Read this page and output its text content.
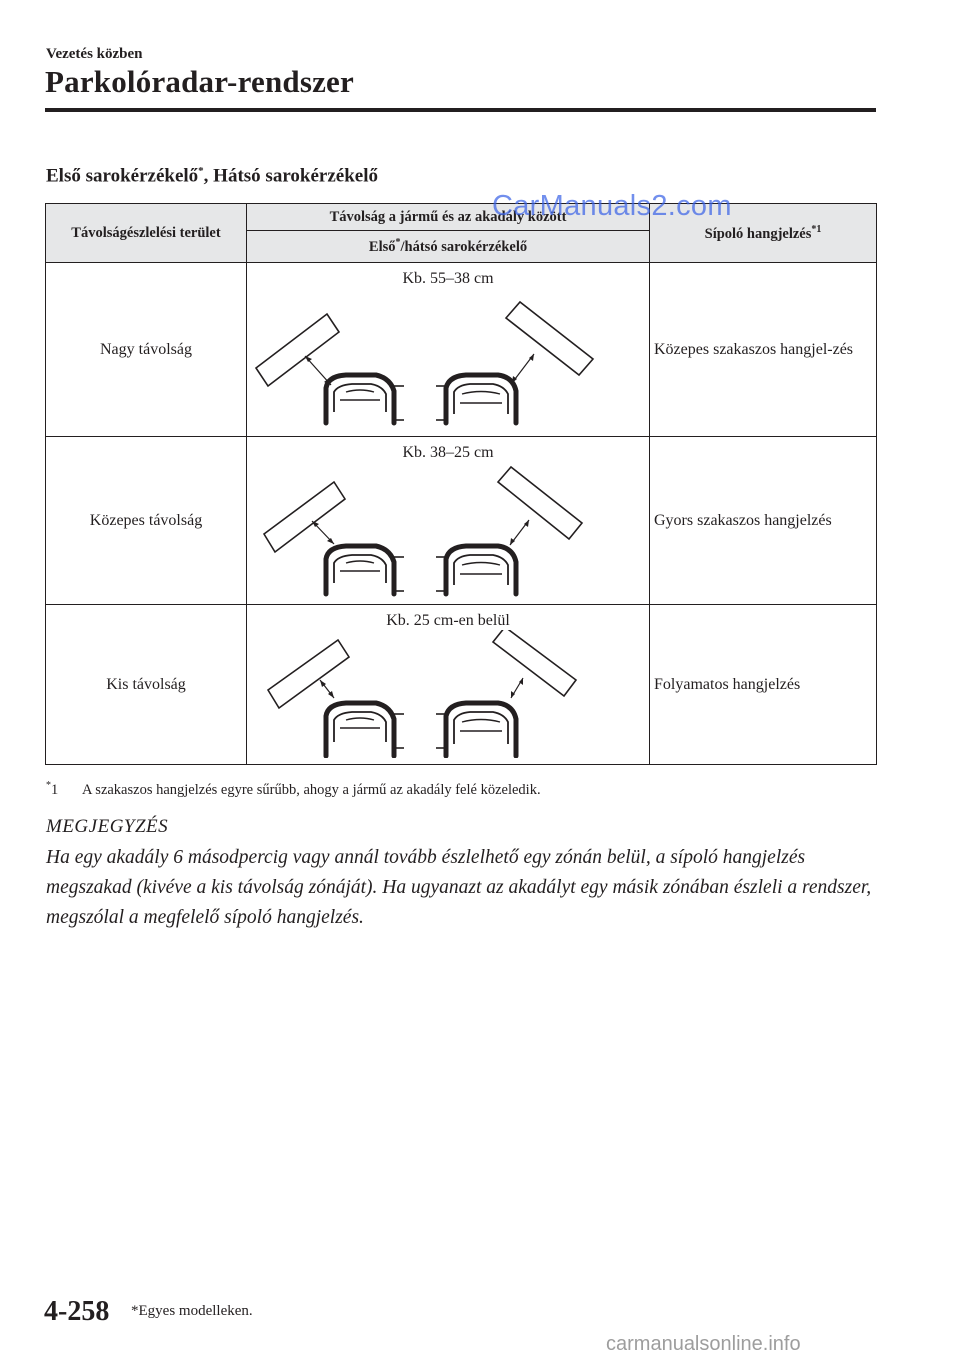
Vezetés közben
Parkolóradar-rendszer
Első sarokérzékelő*, Hátsó sarokérzékelő
CarManuals2.com
Távolságészlelési terület	Távolság a jármű és az akadály között	Sípoló hangjelzés$^{*1}$
	Első*/hátsó sarokérzékelő	
Nagy távolság	Kb. 55–38 cm	Közepes szakaszos hangjel-zés
Közepes távolság	Kb. 38–25 cm	Gyors szakaszos hangjelzés
Kis távolság	Kb. 25 cm-en belül	Folyamatos hangjelzés
*1 A szakaszos hangjelzés egyre sűrűbb, ahogy a jármű az akadály felé közeledik.
MEGJEGYZÉS
Ha egy akadály 6 másodpercig vagy annál tovább észlelhető egy zónán belül, a sípoló hangjelzés megszakad (kivéve a kis távolság zónáját). Ha ugyanazt az akadályt egy másik zónában észleli a rendszer, megszólal a megfelelő sípoló hangjelzés.
4-258 *Egyes modelleken.
carmanualsonline.info
